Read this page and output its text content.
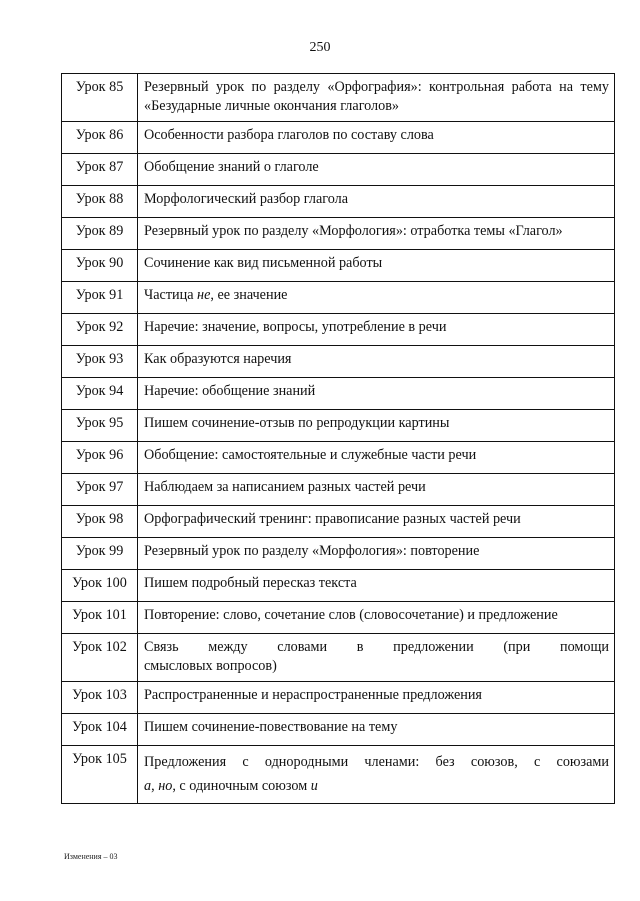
250
Урок 85	Резервный урок по разделу «Орфография»: контрольная работа на тему
«Безударные личные окончания глаголов»

Урок 86	Особенности разбора глаголов по составу слова
Урок 87	Обобщение знаний о глаголе
Урок 88	Морфологический разбор глагола
Урок 89	Резервный урок по разделу «Морфология»: отработка темы «Глагол»
Урок 90	Сочинение как вид письменной работы
Урок 91	Частица не, ее значение
Урок 92	Наречие: значение, вопросы, употребление в речи
Урок 93	Как образуются наречия
Урок 94	Наречие: обобщение знаний
Урок 95	Пишем сочинение-отзыв по репродукции картины
Урок 96	Обобщение: самостоятельные и служебные части речи
Урок 97	Наблюдаем за написанием разных частей речи
Урок 98	Орфографический тренинг: правописание разных частей речи
Урок 99	Резервный урок по разделу «Морфология»: повторение
Урок 100	Пишем подробный пересказ текста
Урок 101	Повторение: слово, сочетание слов (словосочетание) и предложение
Урок 102	Связь между словами в предложении (при помощи
смысловых вопросов)

Урок 103	Распространенные и нераспространенные предложения
Урок 104	Пишем сочинение-повествование на тему
Урок 105	Предложения с однородными членами: без союзов, с союзами
а, но, с одиночным союзом и
Изменения – 03
